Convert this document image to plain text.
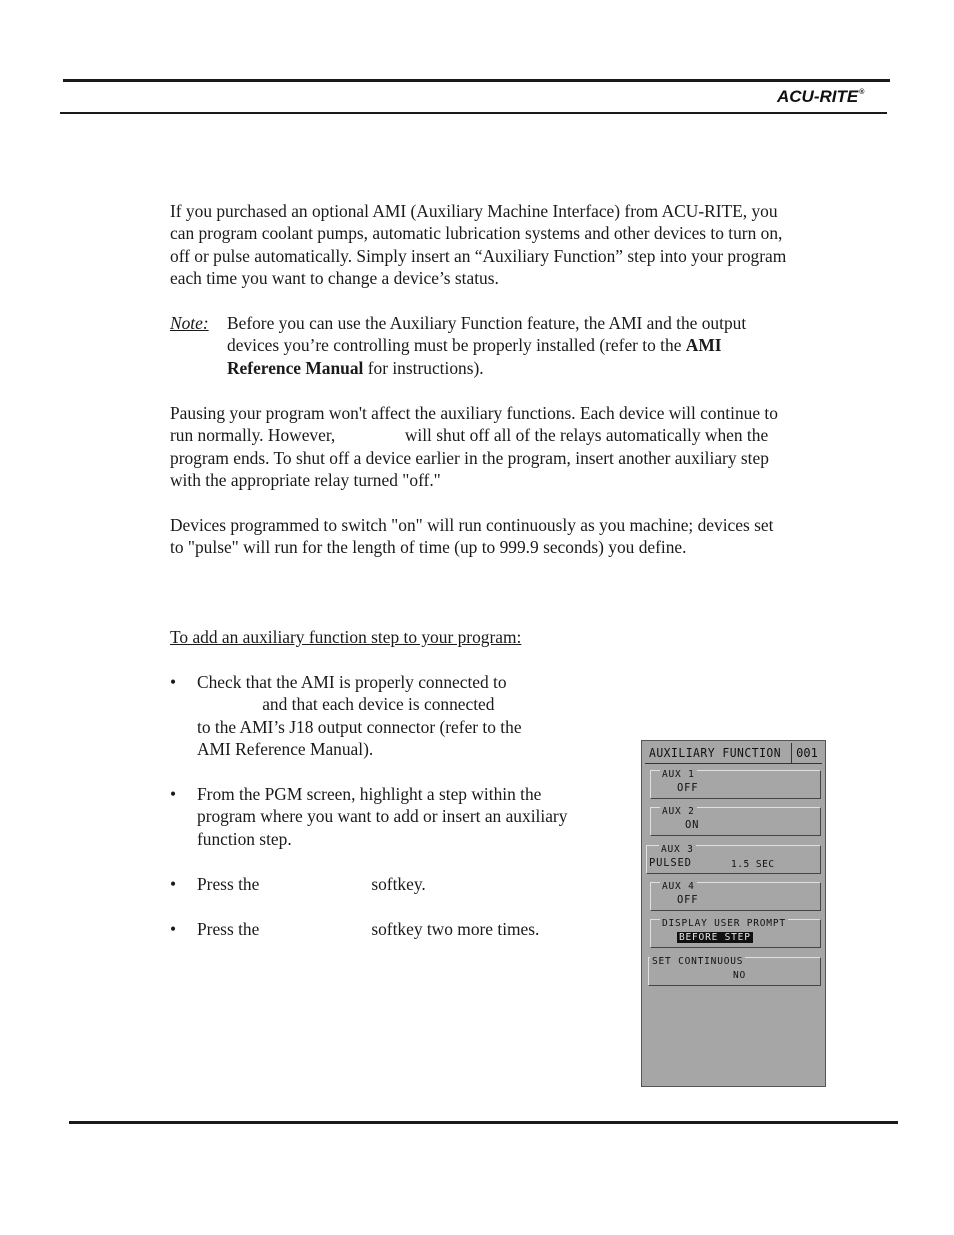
ACU-RITE®
If you purchased an optional AMI (Auxiliary Machine Interface) from ACU-RITE, you
can program coolant pumps, automatic lubrication systems and other devices to turn on,
off or pulse automatically. Simply insert an “Auxiliary Function” step into your program
each time you want to change a device’s status.
Note: Before you can use the Auxiliary Function feature, the AMI and the output
devices you’re controlling must be properly installed (refer to the AMI
Reference Manual for instructions).
Pausing your program won't affect the auxiliary functions. Each device will continue to
run normally. However,                will shut off all of the relays automatically when the
program ends. To shut off a device earlier in the program, insert another auxiliary step
with the appropriate relay turned "off."
Devices programmed to switch "on" will run continuously as you machine; devices set
to "pulse" will run for the length of time (up to 999.9 seconds) you define.
To add an auxiliary function step to your program:
• Check that the AMI is properly connected to
and that each device is connected
to the AMI’s J18 output connector (refer to the
AMI Reference Manual).
• From the PGM screen, highlight a step within the
program where you want to add or insert an auxiliary
function step.
• Press the	softkey.
• Press the	softkey two more times.
AUXILIARY FUNCTION	001
AUX 1
OFF
AUX 2
ON
AUX 3
PULSED	1.5 SEC
AUX 4
OFF
DISPLAY USER PROMPT
BEFORE STEP
SET CONTINUOUS
NO
